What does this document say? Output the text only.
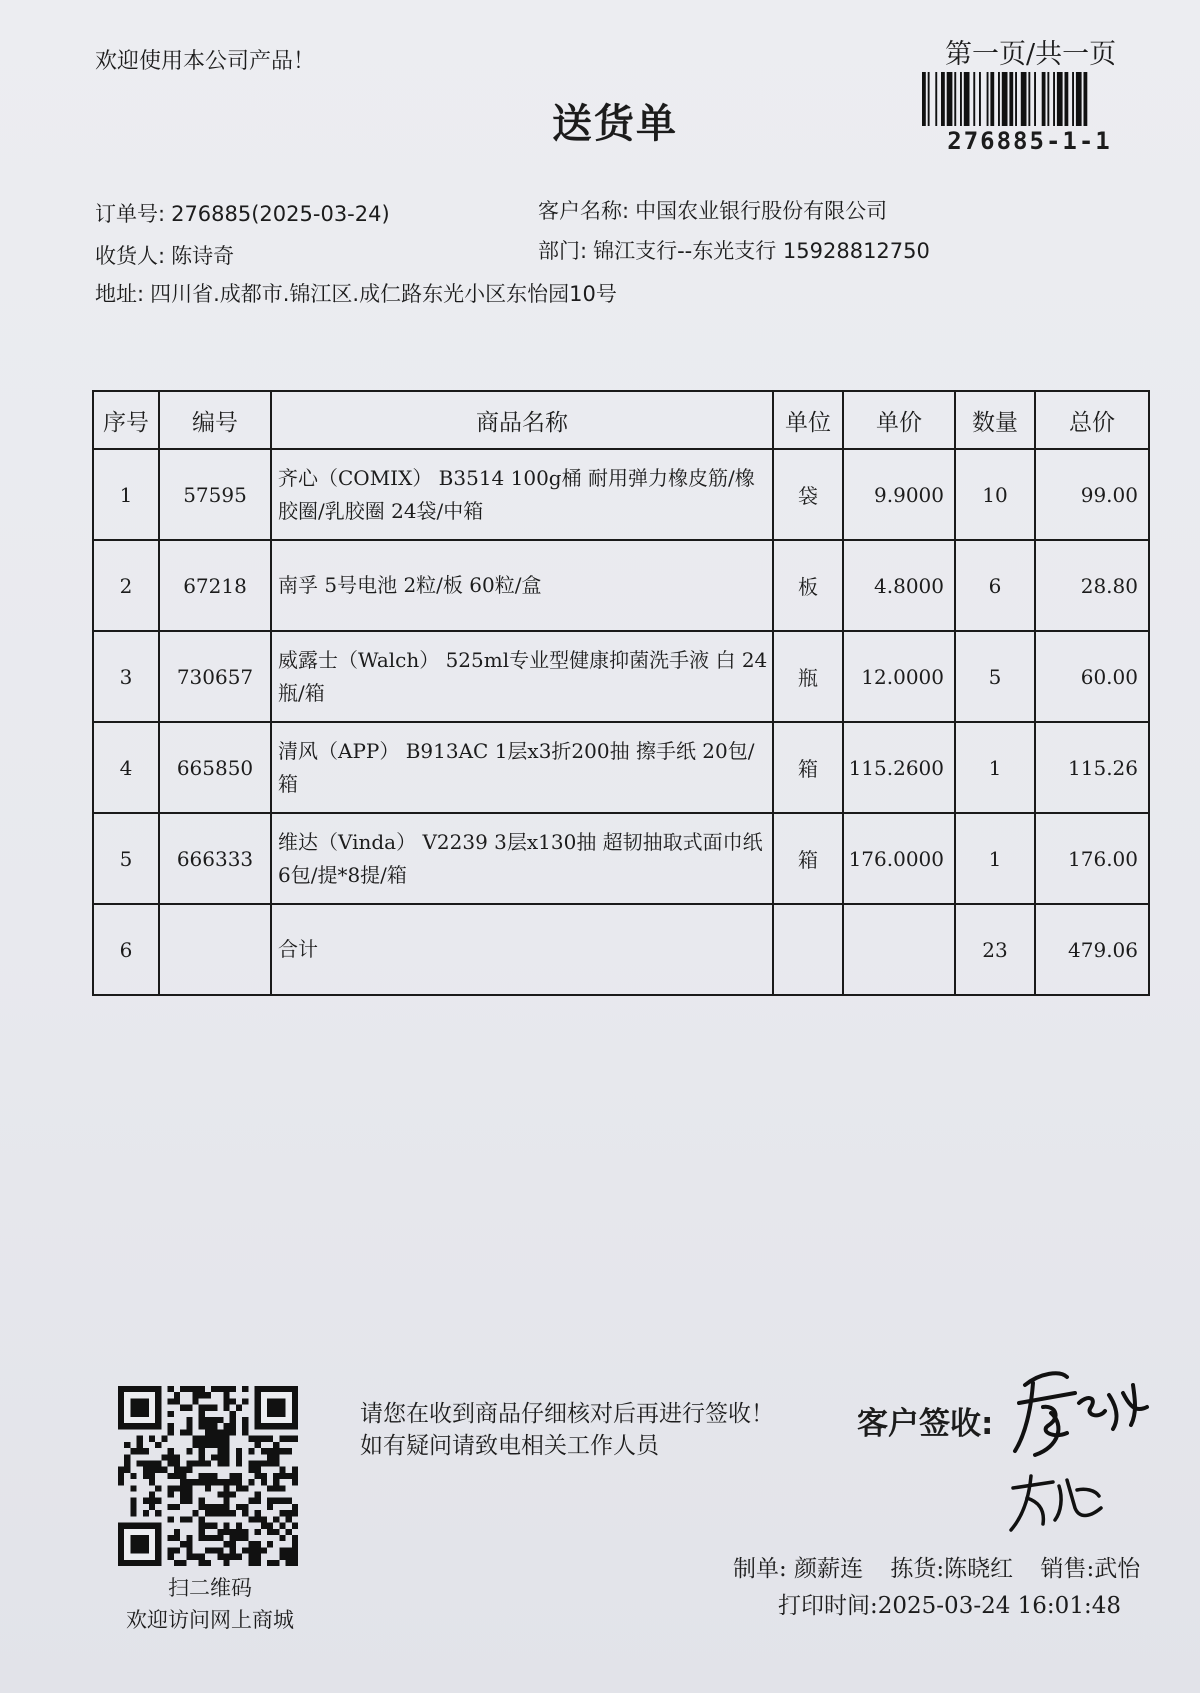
欢迎使用本公司产品！	第一页/共一页
276885-1-1
送货单
订单号: 276885(2025-03-24)	客户名称: 中国农业银行股份有限公司
收货人: 陈诗奇	部门: 锦江支行--东光支行 15928812750
地址: 四川省.成都市.锦江区.成仁路东光小区东怡园10号
序号	编号	商品名称	单位	单价	数量	总价
1	57595	齐心（COMIX） B3514 100g桶 耐用弹力橡皮筋/橡胶圈/乳胶圈 24袋/中箱	袋	9.9000	10	99.00
2	67218	南孚 5号电池 2粒/板 60粒/盒	板	4.8000	6	28.80
3	730657	威露士（Walch） 525ml专业型健康抑菌洗手液 白 24瓶/箱	瓶	12.0000	5	60.00
4	665850	清风（APP） B913AC 1层x3折200抽 擦手纸 20包/箱	箱	115.2600	1	115.26
5	666333	维达（Vinda） V2239 3层x130抽 超韧抽取式面巾纸 6包/提*8提/箱	箱	176.0000	1	176.00
6		合计			23	479.06
扫二维码
欢迎访问网上商城
请您在收到商品仔细核对后再进行签收！如有疑问请致电相关工作人员
客户签收:
制单: 颜薪连 拣货:陈晓红 销售:武怡
打印时间:2025-03-24 16:01:48
